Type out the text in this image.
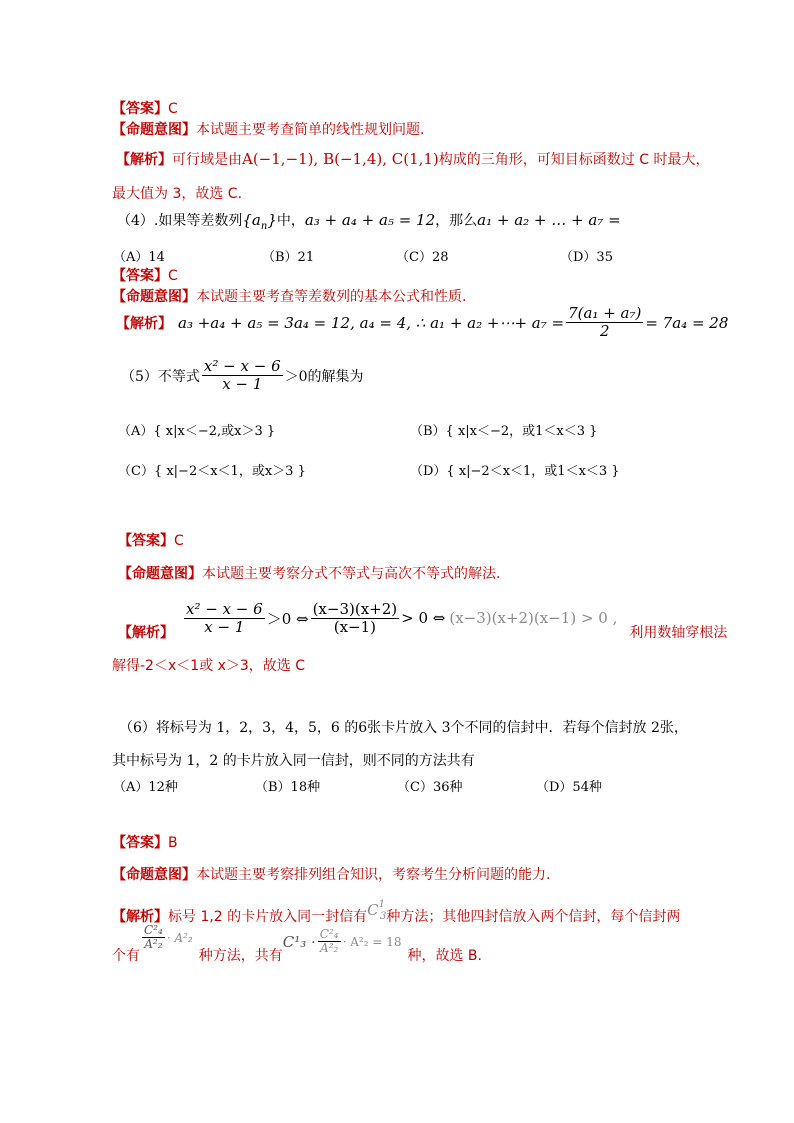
【答案】C
【命题意图】本试题主要考查简单的线性规划问题.
【解析】可行域是由A(−1,−1), B(−1,4), C(1,1)构成的三角形，可知目标函数过 C 时最大，
最大值为 3，故选 C.
（4）.如果等差数列$\{a_n\}$中，a₃ + a₄ + a₅ = 12，那么a₁ + a₂ + … + a₇ =
（A）14	（B）21	（C）28	（D）35
【答案】C
【命题意图】本试题主要考查等差数列的基本公式和性质.
【解析】 a₃ +a₄ + a₅ = 3a₄ = 12, a₄ = 4, ∴ a₁ + a₂ +⋯+ $a_7 = \frac{\text{7(a₁ + a₇)}}{2} = 7a_4 = 28$
（5）不等式 $\frac{\text{x² − x − 6}}{x - 1} >0$的解集为
（A）{ x|x＜−2,或x＞3 }	（B）{ x|x＜−2，或1＜x＜3 }
（C）{ x|−2＜x＜1，或x＞3 }	（D）{ x|−2＜x＜1，或1＜x＜3 }
【答案】C
【命题意图】本试题主要考察分式不等式与高次不等式的解法.
【解析】 $\frac{\text{x² − x − 6}}{x - 1} >0$ ⇔ $\frac{(x-3)(x+2)}{(x-1)} > 0$ ⇔ (x−3)(x+2)(x−1) > 0 ,
利用数轴穿根法
解得-2＜x＜1或 x＞3，故选 C
（6）将标号为 1，2，3，4，5，6 的6张卡片放入 3个不同的信封中．若每个信封放 2张，
其中标号为 1，2 的卡片放入同一信封，则不同的方法共有
（A）12种	（B）18种	（C）36种	（D）54种
【答案】B
【命题意图】本试题主要考察排列组合知识，考察考生分析问题的能力.
【解析】标号 1,2 的卡片放入同一封信有$C^1_3$种方法；其他四封信放入两个信封，每个信封两
个有
$\frac{\text{C²₄}}{\text{A²₂}} \cdot A^2_2$
种方法，共有
$C^1_3 \cdot \frac{\text{C²₄}}{\text{A²₂}} \cdot A^2_2 = 18$
种，故选 B.
